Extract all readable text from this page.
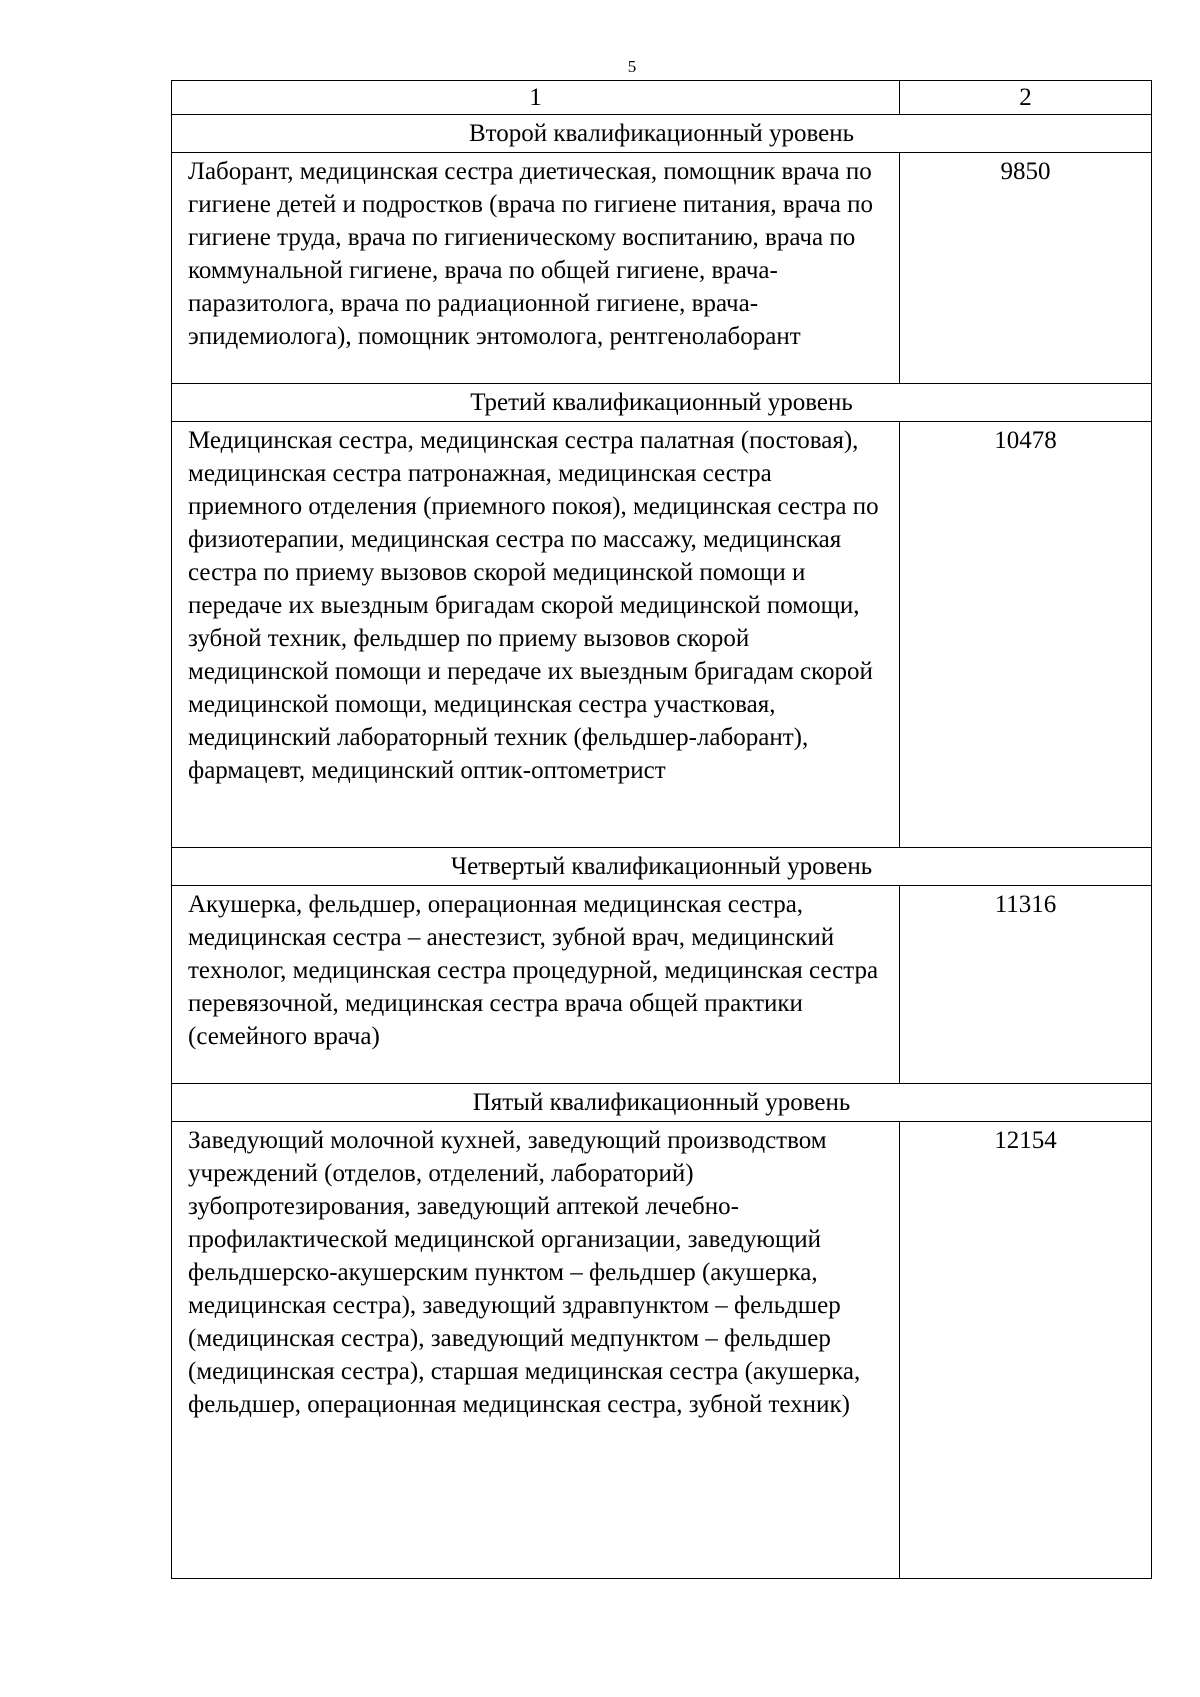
5
1	2
Второй квалификационный уровень	
Лаборант, медицинская сестра диетическая, помощник врача по гигиене детей и подростков (врача по гигиене питания, врача по гигиене труда, врача по гигиеническому воспитанию, врача по коммунальной гигиене, врача по общей гигиене, врача-паразитолога, врача по радиационной гигиене, врача-эпидемиолога), помощник энтомолога, рентгенолаборант	9850
Третий квалификационный уровень	
Медицинская сестра, медицинская сестра палатная (постовая), медицинская сестра патронажная, медицинская сестра приемного отделения (приемного покоя), медицинская сестра по физиотерапии, медицинская сестра по массажу, медицинская сестра по приему вызовов скорой медицинской помощи и передаче их выездным бригадам скорой медицинской помощи, зубной техник, фельдшер по приему вызовов скорой медицинской помощи и передаче их выездным бригадам скорой медицинской помощи, медицинская сестра участковая, медицинский лабораторный техник (фельдшер-лаборант), фармацевт, медицинский оптик-оптометрист	10478
Четвертый квалификационный уровень	
Акушерка, фельдшер, операционная медицинская сестра, медицинская сестра – анестезист, зубной врач, медицинский технолог, медицинская сестра процедурной, медицинская сестра перевязочной, медицинская сестра врача общей практики (семейного врача)	11316
Пятый квалификационный уровень	
Заведующий молочной кухней, заведующий производством учреждений (отделов, отделений, лабораторий) зубопротезирования, заведующий аптекой лечебно-профилактической медицинской организации, заведующий фельдшерско-акушерским пунктом – фельдшер (акушерка, медицинская сестра), заведующий здравпунктом – фельдшер (медицинская сестра), заведующий медпунктом – фельдшер (медицинская сестра), старшая медицинская сестра (акушерка, фельдшер, операционная медицинская сестра, зубной техник)	12154
